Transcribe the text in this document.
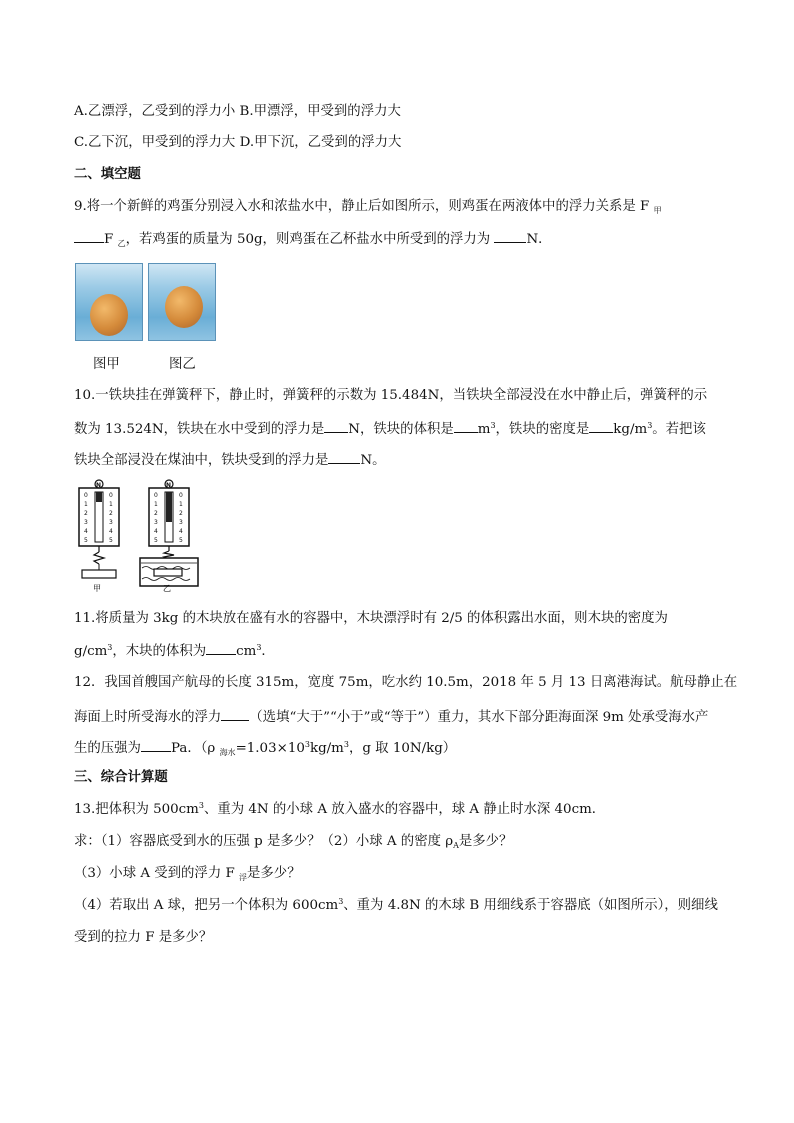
A.乙漂浮，乙受到的浮力小 B.甲漂浮，甲受到的浮力大
C.乙下沉，甲受到的浮力大 D.甲下沉，乙受到的浮力大
二、填空题
9.将一个新鲜的鸡蛋分别浸入水和浓盐水中，静止后如图所示，则鸡蛋在两液体中的浮力关系是 F $_甲$
F $_乙$，若鸡蛋的质量为 50g，则鸡蛋在乙杯盐水中所受到的浮力为 N．
图甲	图乙
10.一铁块挂在弹簧秤下，静止时，弹簧秤的示数为 15.484N，当铁块全部浸没在水中静止后，弹簧秤的示
数为 13.524N，铁块在水中受到的浮力是 N，铁块的体积是 $m^3$，铁块的密度是 $kg/m^3$。若把该
铁块全部浸没在煤油中，铁块受到的浮力是 N。
N	N
0	0	0	0
1
2
3
4
5
1
2
3
4
5
1
2
3
4
5
1
2
3
4
5
甲	乙
11.将质量为 3kg 的木块放在盛有水的容器中，木块漂浮时有 2/5 的体积露出水面，则木块的密度为
$g/cm^3$，木块的体积为 $cm^3$．
12．我国首艘国产航母的长度 315m，宽度 75m，吃水约 10.5m，2018 年 5 月 13 日离港海试。航母静止在
海面上时所受海水的浮力 （选填“大于”“小于”或“等于”）重力，其水下部分距海面深 9m 处承受海水产
生的压强为 Pa．（ρ $_{海水}=1.03\times 10^3kg/m^3$，g 取 10N/kg）
三、综合计算题
13.把体积为 $500cm^3$、重为 4N 的小球 A 放入盛水的容器中，球 A 静止时水深 40cm．
求：（1）容器底受到水的压强 p 是多少？（2）小球 A 的密度 $\rho_A$是多少？
（3）小球 A 受到的浮力 F $_浮$是多少？
（4）若取出 A 球，把另一个体积为 $600cm^3$、重为 4.8N 的木球 B 用细线系于容器底（如图所示），则细线
受到的拉力 F 是多少？
